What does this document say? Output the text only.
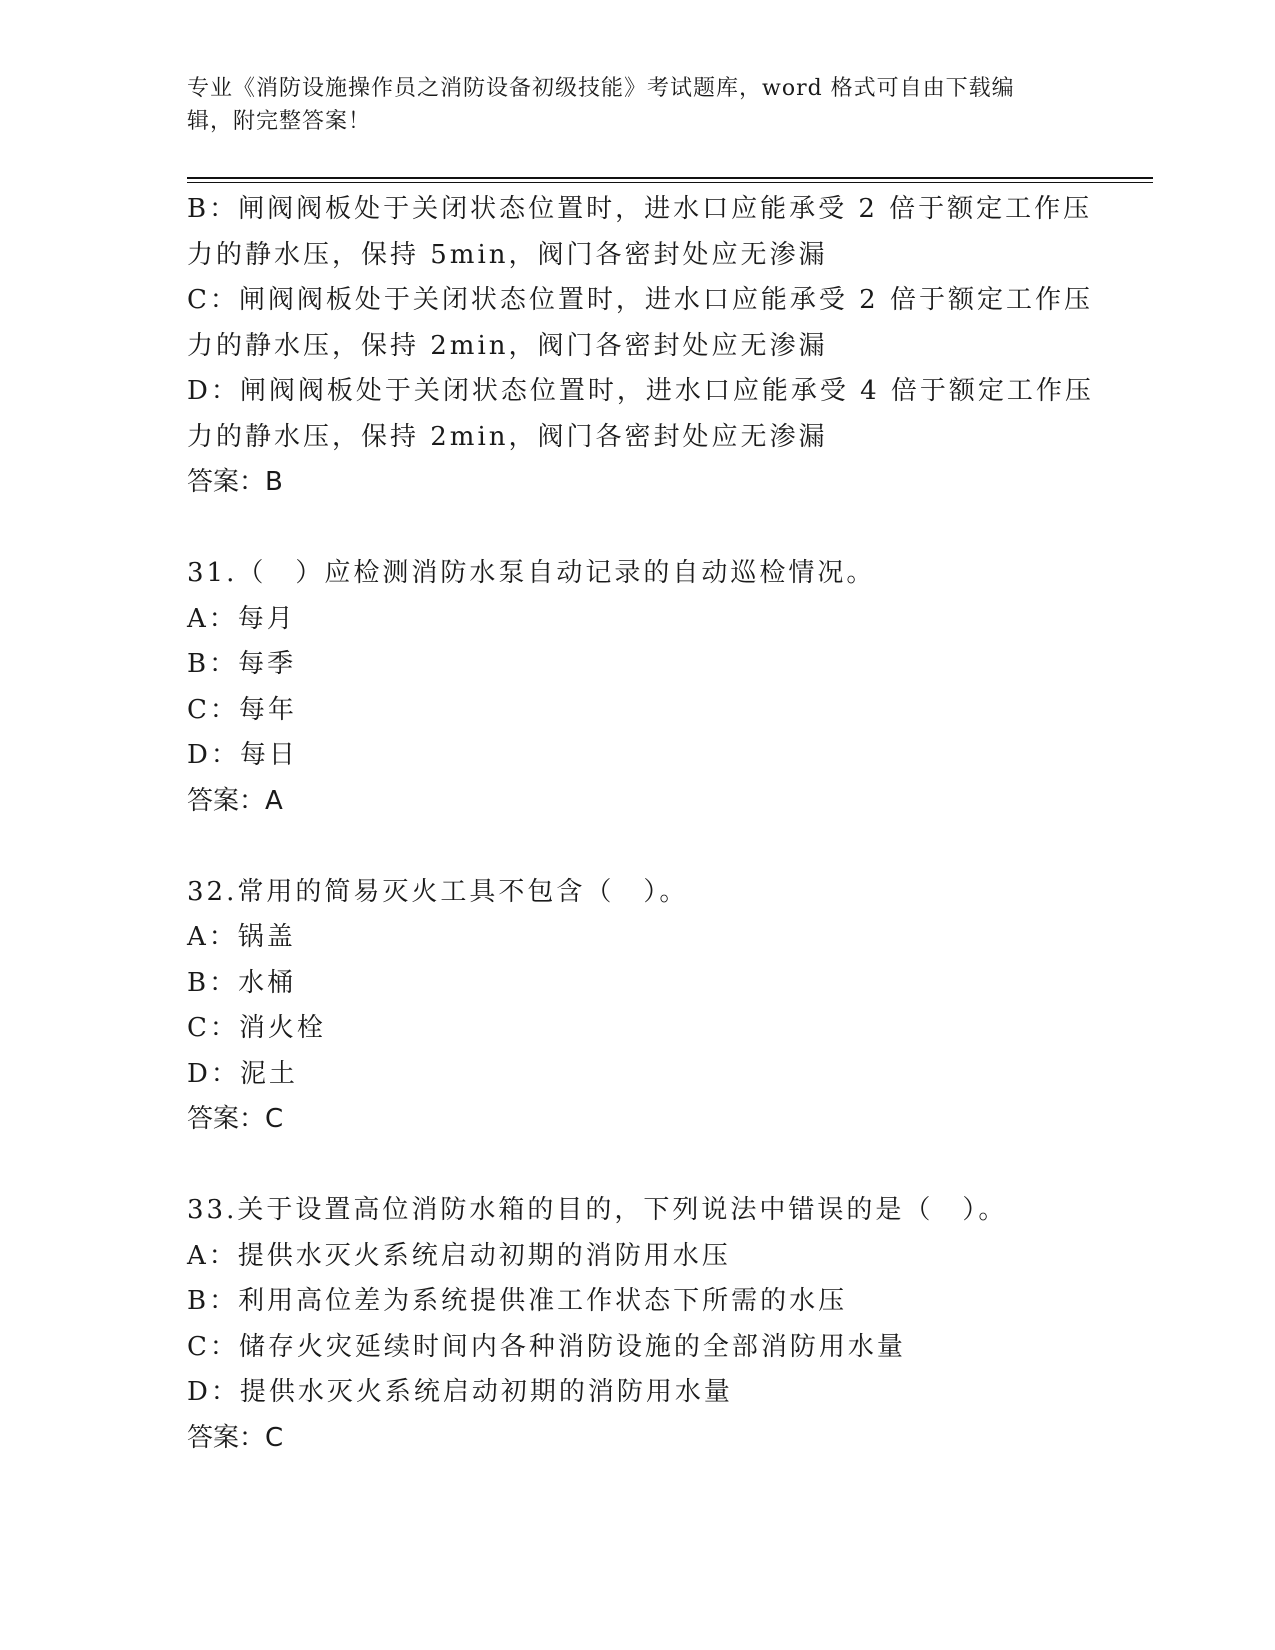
专业《消防设施操作员之消防设备初级技能》考试题库，word 格式可自由下载编
辑，附完整答案！
B：闸阀阀板处于关闭状态位置时，进水口应能承受 2 倍于额定工作压
力的静水压，保持 5min，阀门各密封处应无渗漏
C：闸阀阀板处于关闭状态位置时，进水口应能承受 2 倍于额定工作压
力的静水压，保持 2min，阀门各密封处应无渗漏
D：闸阀阀板处于关闭状态位置时，进水口应能承受 4 倍于额定工作压
力的静水压，保持 2min，阀门各密封处应无渗漏
答案：B
31.（　）应检测消防水泵自动记录的自动巡检情况。
A：每月
B：每季
C：每年
D：每日
答案：A
32.常用的简易灭火工具不包含（　）。
A：锅盖
B：水桶
C：消火栓
D：泥土
答案：C
33.关于设置高位消防水箱的目的，下列说法中错误的是（　）。
A：提供水灭火系统启动初期的消防用水压
B：利用高位差为系统提供准工作状态下所需的水压
C：储存火灾延续时间内各种消防设施的全部消防用水量
D：提供水灭火系统启动初期的消防用水量
答案：C
